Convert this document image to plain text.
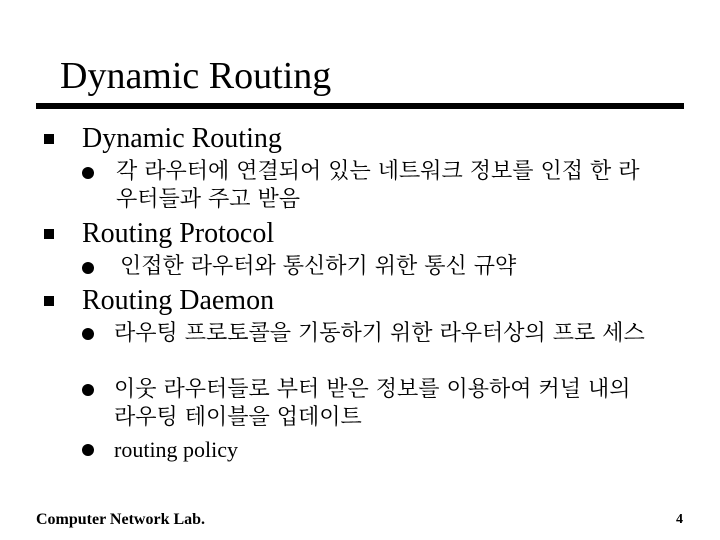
Dynamic Routing
Dynamic Routing
각 라우터에 연결되어 있는 네트워크 정보를 인접 한 라우터들과 주고 받음
Routing Protocol
인접한 라우터와 통신하기 위한 통신 규약
Routing Daemon
라우팅 프로토콜을 기동하기 위한 라우터상의 프로 세스
이웃 라우터들로 부터 받은 정보를 이용하여 커널 내의 라우팅 테이블을 업데이트
routing policy
Computer Network Lab.	4
